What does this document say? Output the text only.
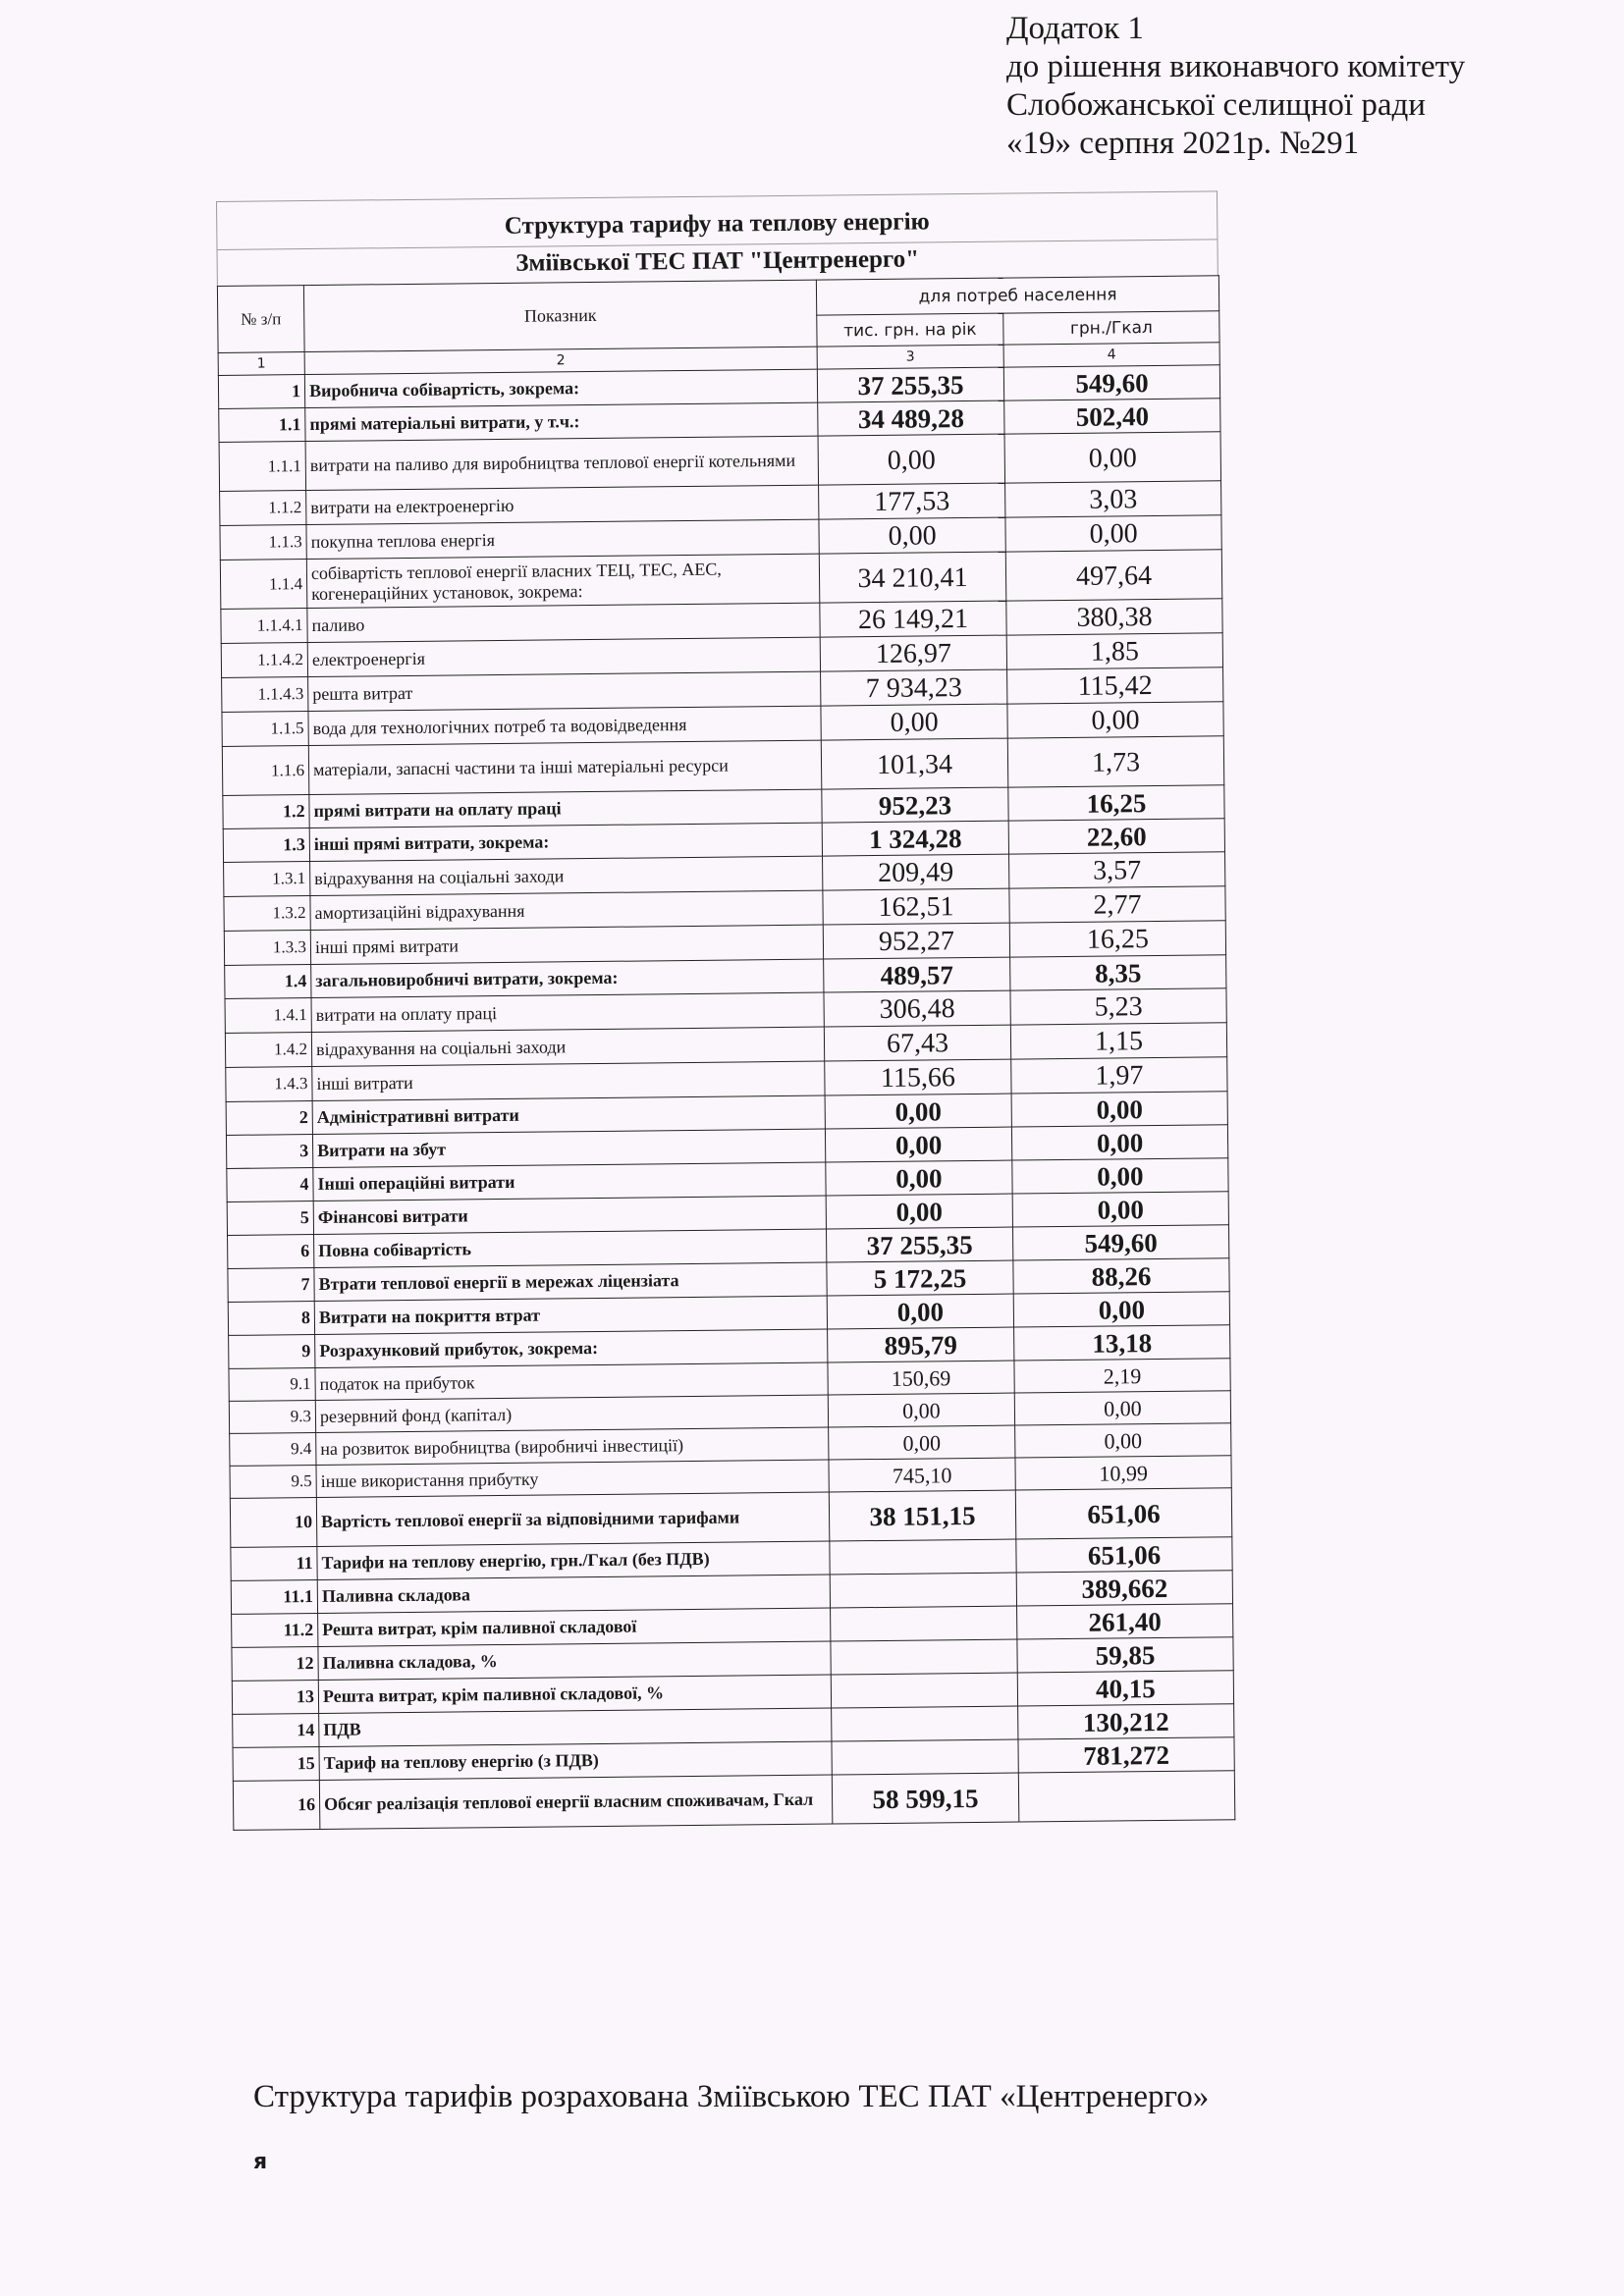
Додаток 1
до рішення виконавчого комітету
Слобожанської селищної ради
«19» серпня 2021р. №291
Структура тарифу на теплову енергію
Зміївської ТЕС ПАТ "Центренерго"
№ з/п	Показник	для потреб населення	
		тис. грн. на рік	грн./Гкал
1	2	3	4
1	Виробнича собівартість, зокрема:	37 255,35	549,60
1.1	прямі матеріальні витрати, у т.ч.:	34 489,28	502,40
1.1.1	витрати на паливо для виробництва теплової енергії котельнями	0,00	0,00
1.1.2	витрати на електроенергію	177,53	3,03
1.1.3	покупна теплова енергія	0,00	0,00
1.1.4	собівартість теплової енергії власних ТЕЦ, ТЕС, АЕС, когенераційних установок, зокрема:	34 210,41	497,64
1.1.4.1	паливо	26 149,21	380,38
1.1.4.2	електроенергія	126,97	1,85
1.1.4.3	решта витрат	7 934,23	115,42
1.1.5	вода для технологічних потреб та водовідведення	0,00	0,00
1.1.6	матеріали, запасні частини та інші матеріальні ресурси	101,34	1,73
1.2	прямі витрати на оплату праці	952,23	16,25
1.3	інші прямі витрати, зокрема:	1 324,28	22,60
1.3.1	відрахування на соціальні заходи	209,49	3,57
1.3.2	амортизаційні відрахування	162,51	2,77
1.3.3	інші прямі витрати	952,27	16,25
1.4	загальновиробничі витрати, зокрема:	489,57	8,35
1.4.1	витрати на оплату праці	306,48	5,23
1.4.2	відрахування на соціальні заходи	67,43	1,15
1.4.3	інші витрати	115,66	1,97
2	Адміністративні витрати	0,00	0,00
3	Витрати на збут	0,00	0,00
4	Інші операційні витрати	0,00	0,00
5	Фінансові витрати	0,00	0,00
6	Повна собівартість	37 255,35	549,60
7	Втрати теплової енергії в мережах ліцензіата	5 172,25	88,26
8	Витрати на покриття втрат	0,00	0,00
9	Розрахунковий прибуток, зокрема:	895,79	13,18
9.1	податок на прибуток	150,69	2,19
9.3	резервний фонд (капітал)	0,00	0,00
9.4	на розвиток виробництва (виробничі інвестиції)	0,00	0,00
9.5	інше використання прибутку	745,10	10,99
10	Вартість теплової енергії за відповідними тарифами	38 151,15	651,06
11	Тарифи на теплову енергію, грн./Гкал (без ПДВ)		651,06
11.1	Паливна складова		389,662
11.2	Решта витрат, крім паливної складової		261,40
12	Паливна складова, %		59,85
13	Решта витрат, крім паливної складової, %		40,15
14	ПДВ		130,212
15	Тариф на теплову енергію (з ПДВ)		781,272
16	Обсяг реалізація теплової енергії власним споживачам, Гкал	58 599,15	
Структура тарифів розрахована Зміївською ТЕС ПАТ «Центренерго»
я
